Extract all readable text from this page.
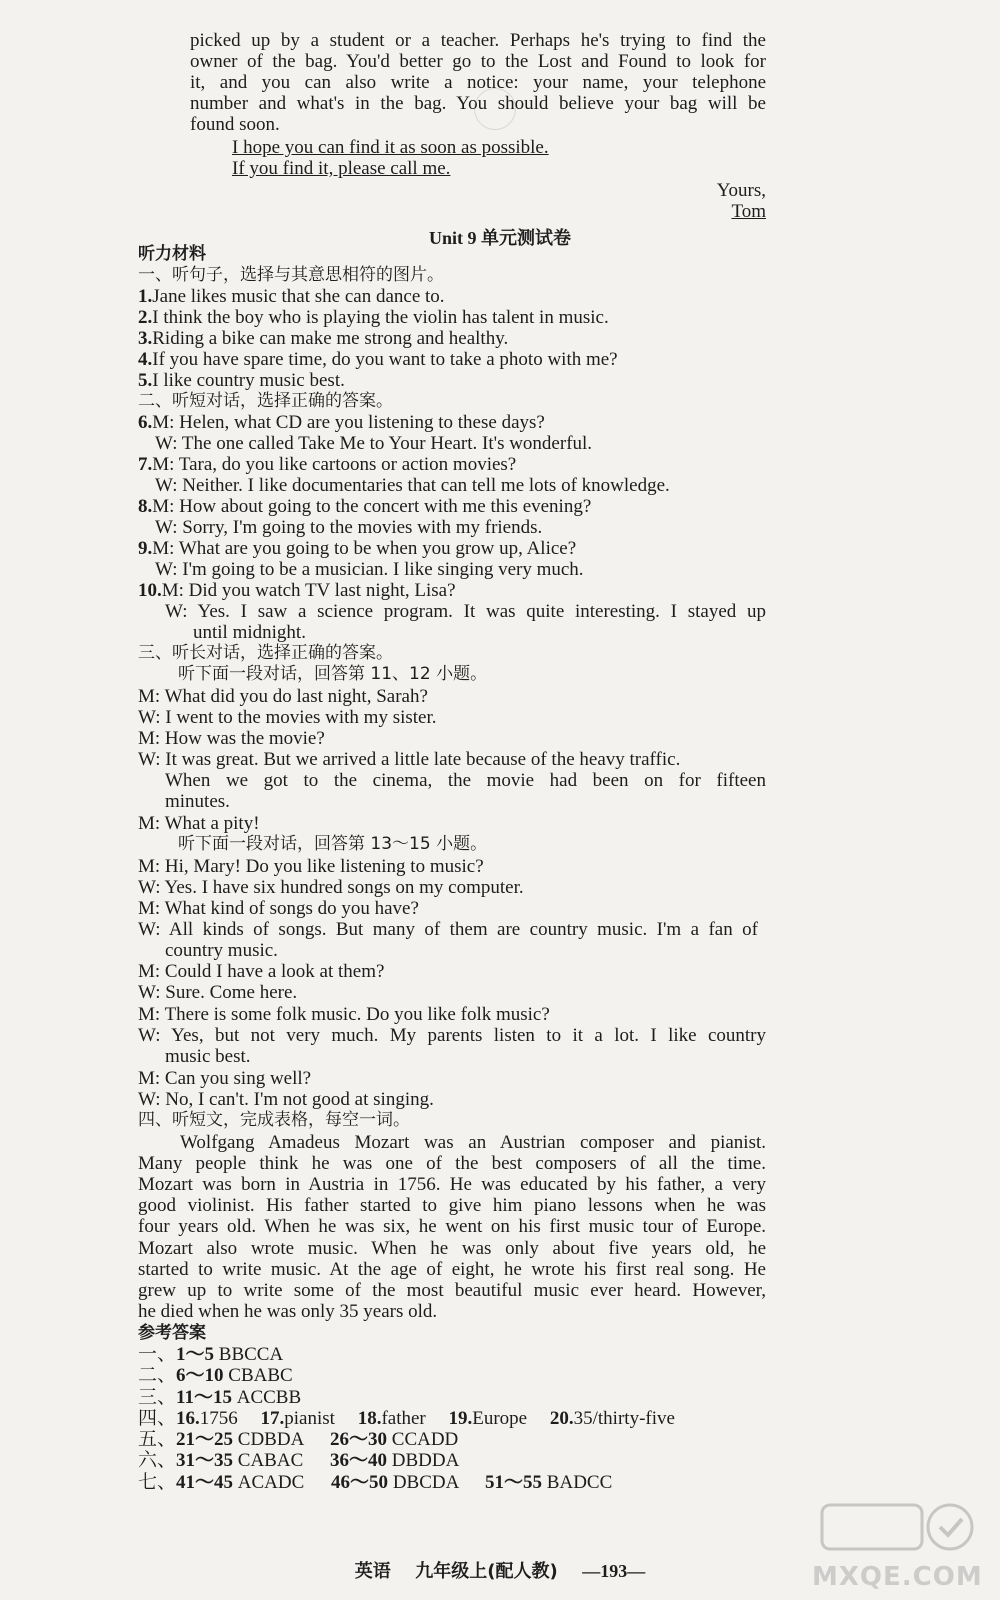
picked up by a student or a teacher. Perhaps he's trying to find the
owner of the bag. You'd better go to the Lost and Found to look for
it, and you can also write a notice: your name, your telephone
number and what's in the bag. You should believe your bag will be
found soon.
I hope you can find it as soon as possible.
If you find it, please call me.
Yours,
Tom
Unit 9 单元测试卷
听力材料
一、听句子，选择与其意思相符的图片。
1.Jane likes music that she can dance to.
2.I think the boy who is playing the violin has talent in music.
3.Riding a bike can make me strong and healthy.
4.If you have spare time, do you want to take a photo with me?
5.I like country music best.
二、听短对话，选择正确的答案。
6.M: Helen, what CD are you listening to these days?
W: The one called Take Me to Your Heart. It's wonderful.
7.M: Tara, do you like cartoons or action movies?
W: Neither. I like documentaries that can tell me lots of knowledge.
8.M: How about going to the concert with me this evening?
W: Sorry, I'm going to the movies with my friends.
9.M: What are you going to be when you grow up, Alice?
W: I'm going to be a musician. I like singing very much.
10.M: Did you watch TV last night, Lisa?
W: Yes. I saw a science program. It was quite interesting. I stayed up
until midnight.
三、听长对话，选择正确的答案。
听下面一段对话，回答第 11、12 小题。
M: What did you do last night, Sarah?
W: I went to the movies with my sister.
M: How was the movie?
W: It was great. But we arrived a little late because of the heavy traffic.
When we got to the cinema, the movie had been on for fifteen
minutes.
M: What a pity!
听下面一段对话，回答第 13～15 小题。
M: Hi, Mary! Do you like listening to music?
W: Yes. I have six hundred songs on my computer.
M: What kind of songs do you have?
W: All kinds of songs. But many of them are country music. I'm a fan of
country music.
M: Could I have a look at them?
W: Sure. Come here.
M: There is some folk music. Do you like folk music?
W: Yes, but not very much. My parents listen to it a lot. I like country
music best.
M: Can you sing well?
W: No, I can't. I'm not good at singing.
四、听短文，完成表格，每空一词。
Wolfgang Amadeus Mozart was an Austrian composer and pianist.
Many people think he was one of the best composers of all the time.
Mozart was born in Austria in 1756. He was educated by his father, a very
good violinist. His father started to give him piano lessons when he was
four years old. When he was six, he went on his first music tour of Europe.
Mozart also wrote music. When he was only about five years old, he
started to write music. At the age of eight, he wrote his first real song. He
grew up to write some of the most beautiful music ever heard. However,
he died when he was only 35 years old.
参考答案
一、1～5 BBCCA
二、6～10 CBABC
三、11～15 ACCBB
四、16.1756 17.pianist 18.father 19.Europe 20.35/thirty-five
五、21～25 CDBDA 26～30 CCADD
六、31～35 CABAC 36～40 DBDDA
七、41～45 ACADC 46～50 DBCDA 51～55 BADCC
英语 九年级上(配人教) —193—	MXQE.COM
